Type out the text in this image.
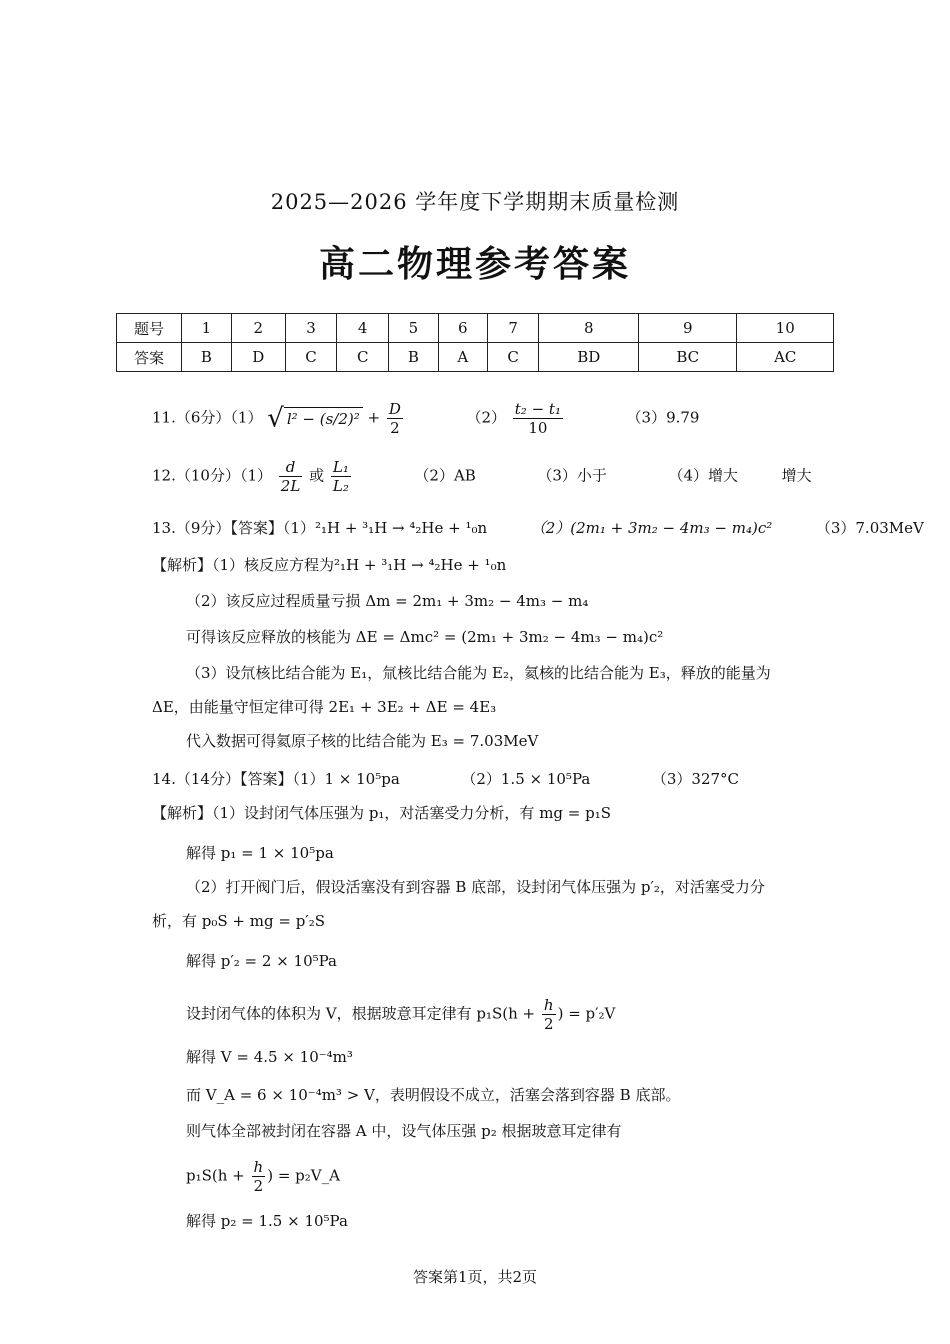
2025—2026 学年度下学期期末质量检测
高二物理参考答案
题号	1	2	3	4	5	6	7	8	9	10
答案	B	D	C	C	B	A	C	BD	BC	AC
11.（6分）（1） √ $l^2 - (s/2)^2 + \frac{D}{2}$	$(2) \frac{\text{t₂ − t₁}}{10}$	（3）9.79
12.（10分）$(1) \frac{d}{2L}$ 或 $\frac{\text{L₁}}{\text{L₂}}$	（2）AB	（3）小于	（4）增大	增大
13.（9分）【答案】（1）²₁H + ³₁H → ⁴₂He + ¹₀n	（2）(2m₁ + 3m₂ − 4m₃ − m₄)c²	（3）7.03MeV
【解析】（1）核反应方程为²₁H + ³₁H → ⁴₂He + ¹₀n
（2）该反应过程质量亏损 Δm = 2m₁ + 3m₂ − 4m₃ − m₄
可得该反应释放的核能为 ΔE = Δmc² = (2m₁ + 3m₂ − 4m₃ − m₄)c²
（3）设氘核比结合能为 E₁，氚核比结合能为 E₂，氦核的比结合能为 E₃，释放的能量为
ΔE，由能量守恒定律可得 2E₁ + 3E₂ + ΔE = 4E₃
代入数据可得氦原子核的比结合能为 E₃ = 7.03MeV
14.（14分）【答案】（1）1 × 10⁵pa	（2）1.5 × 10⁵Pa	（3）327°C
【解析】（1）设封闭气体压强为 p₁，对活塞受力分析，有 mg = p₁S
解得 p₁ = 1 × 10⁵pa
（2）打开阀门后，假设活塞没有到容器 B 底部，设封闭气体压强为 p′₂，对活塞受力分
析，有 p₀S + mg = p′₂S
解得 p′₂ = 2 × 10⁵Pa
设封闭气体的体积为 V，根据玻意耳定律有 $p_1S(h + \frac{h}{2}$ ) = p′₂V
解得 V = 4.5 × 10⁻⁴m³
而 V_A = 6 × 10⁻⁴m³ > V，表明假设不成立，活塞会落到容器 B 底部。
则气体全部被封闭在容器 A 中，设气体压强 p₂ 根据玻意耳定律有
$p_1S(h + \frac{h}{2}$ ) = p₂V_A
解得 p₂ = 1.5 × 10⁵Pa
答案第1页，共2页
